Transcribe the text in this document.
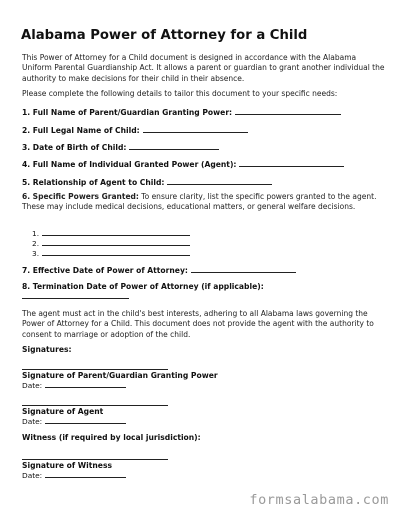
Alabama Power of Attorney for a Child
This Power of Attorney for a Child document is designed in accordance with the Alabama Uniform Parental Guardianship Act. It allows a parent or guardian to grant another individual the authority to make decisions for their child in their absence.
Please complete the following details to tailor this document to your specific needs:
1. Full Name of Parent/Guardian Granting Power:
2. Full Legal Name of Child:
3. Date of Birth of Child:
4. Full Name of Individual Granted Power (Agent):
5. Relationship of Agent to Child:
6. Specific Powers Granted: To ensure clarity, list the specific powers granted to the agent. These may include medical decisions, educational matters, or general welfare decisions.
1.
2.
3.
7. Effective Date of Power of Attorney:
8. Termination Date of Power of Attorney (if applicable):
The agent must act in the child's best interests, adhering to all Alabama laws governing the Power of Attorney for a Child. This document does not provide the agent with the authority to consent to marriage or adoption of the child.
Signatures:
Signature of Parent/Guardian Granting Power
Date:
Signature of Agent
Date:
Witness (if required by local jurisdiction):
Signature of Witness
Date:
formsalabama.com
